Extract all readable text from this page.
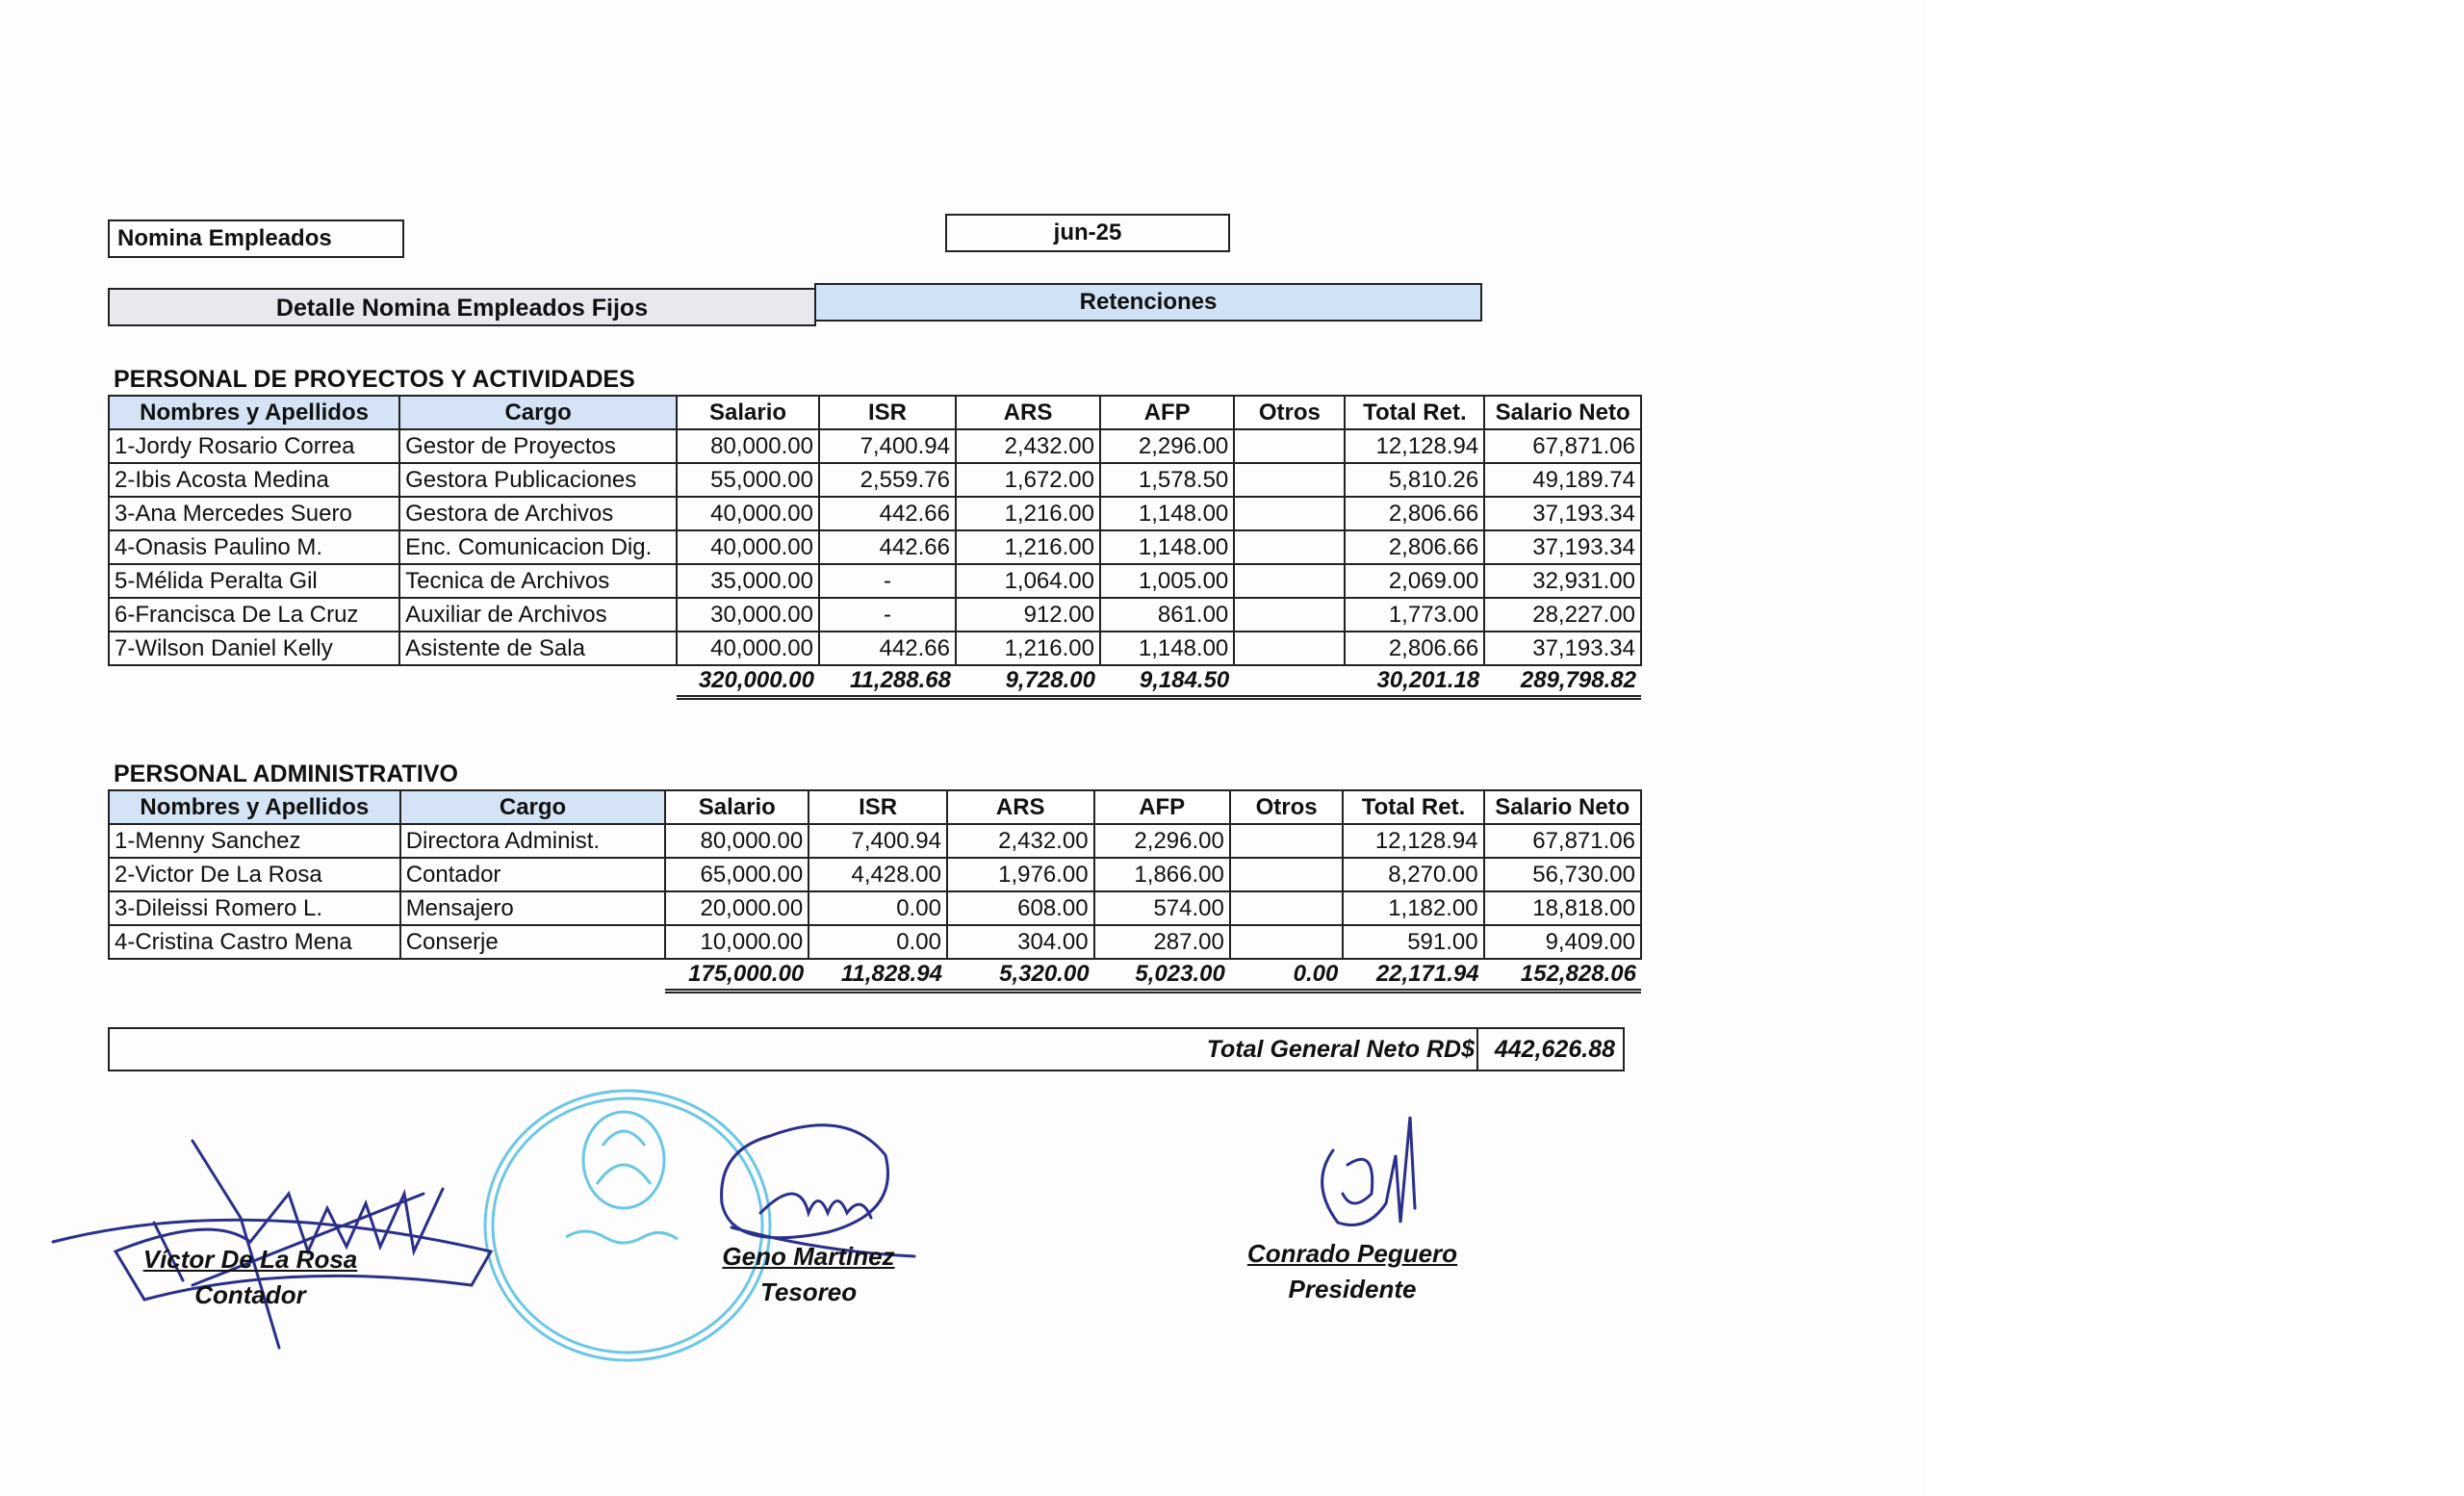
Nomina Empleados	jun-25
Detalle Nomina Empleados Fijos	Retenciones
PERSONAL DE PROYECTOS Y ACTIVIDADES
Nombres y Apellidos	Cargo	Salario	ISR	ARS	AFP	Otros	Total Ret.	Salario Neto
1-Jordy Rosario Correa	Gestor de Proyectos	80,000.00	7,400.94	2,432.00	2,296.00		12,128.94	67,871.06
2-Ibis Acosta Medina	Gestora Publicaciones	55,000.00	2,559.76	1,672.00	1,578.50		5,810.26	49,189.74
3-Ana Mercedes Suero	Gestora de Archivos	40,000.00	442.66	1,216.00	1,148.00		2,806.66	37,193.34
4-Onasis Paulino M.	Enc. Comunicacion Dig.	40,000.00	442.66	1,216.00	1,148.00		2,806.66	37,193.34
5-Mélida Peralta Gil	Tecnica de Archivos	35,000.00	-	1,064.00	1,005.00		2,069.00	32,931.00
6-Francisca De La Cruz	Auxiliar de Archivos	30,000.00	-	912.00	861.00		1,773.00	28,227.00
7-Wilson Daniel Kelly	Asistente de Sala	40,000.00	442.66	1,216.00	1,148.00		2,806.66	37,193.34
		320,000.00	11,288.68	9,728.00	9,184.50		30,201.18	289,798.82
PERSONAL ADMINISTRATIVO
Nombres y Apellidos	Cargo	Salario	ISR	ARS	AFP	Otros	Total Ret.	Salario Neto
1-Menny Sanchez	Directora Administ.	80,000.00	7,400.94	2,432.00	2,296.00		12,128.94	67,871.06
2-Victor De La Rosa	Contador	65,000.00	4,428.00	1,976.00	1,866.00		8,270.00	56,730.00
3-Dileissi Romero L.	Mensajero	20,000.00	0.00	608.00	574.00		1,182.00	18,818.00
4-Cristina Castro Mena	Conserje	10,000.00	0.00	304.00	287.00		591.00	9,409.00
		175,000.00	11,828.94	5,320.00	5,023.00	0.00	22,171.94	152,828.06
Total General Neto RD$ 442,626.88
Víctor De La Rosa
Contador
Geno Martinez
Tesoreo
Conrado Peguero
Presidente
